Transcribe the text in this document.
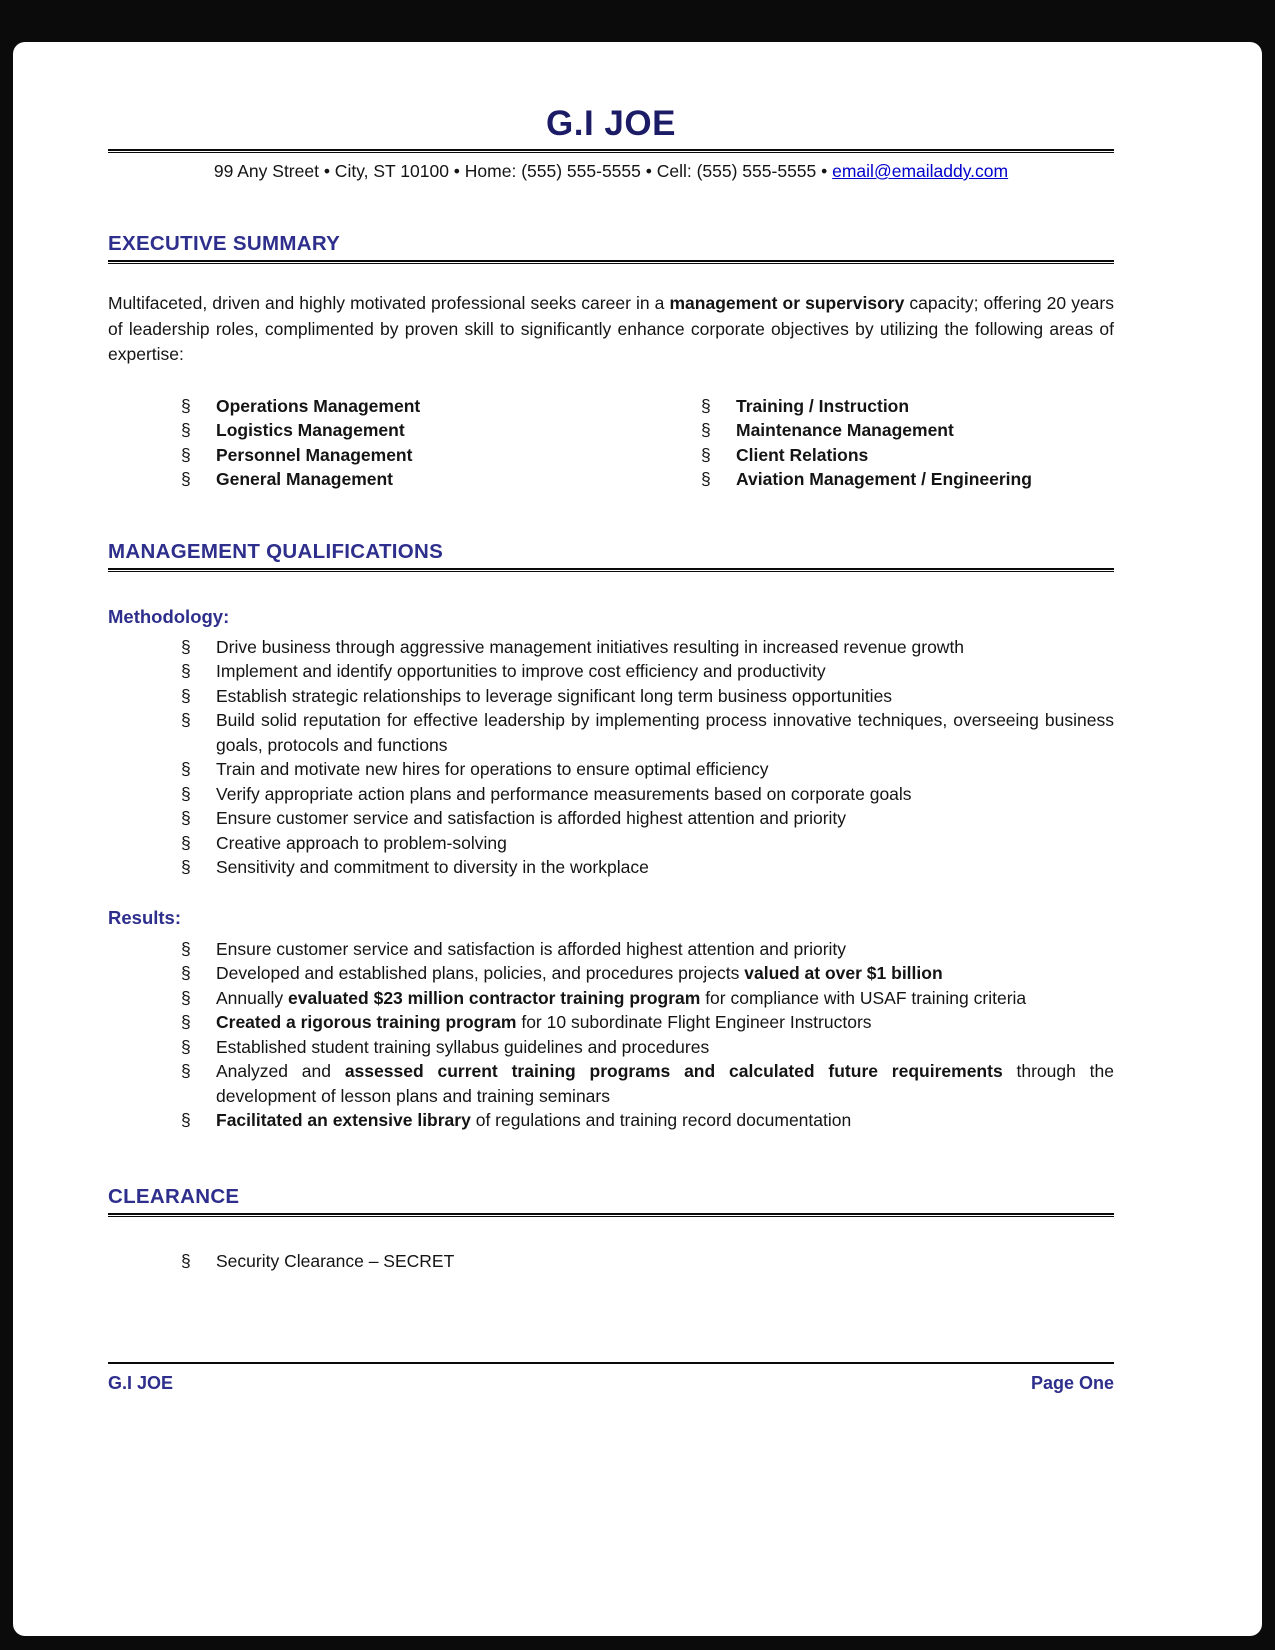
G.I JOE

99 Any Street • City, ST 10100 • Home: (555) 555-5555 • Cell: (555) 555-5555 • email@emailaddy.com

EXECUTIVE SUMMARY

Multifaceted, driven and highly motivated professional seeks career in a management or supervisory capacity; offering 20 years of leadership roles, complimented by proven skill to significantly enhance corporate objectives by utilizing the following areas of expertise:

§	Operations Management	§	Training / Instruction
§	Logistics Management	§	Maintenance Management
§	Personnel Management	§	Client Relations
§	General Management	§	Aviation Management / Engineering
MANAGEMENT QUALIFICATIONS
Methodology:
§	Drive business through aggressive management initiatives resulting in increased revenue growth
§	Implement and identify opportunities to improve cost efficiency and productivity
§	Establish strategic relationships to leverage significant long term business opportunities
§	Build solid reputation for effective leadership by implementing process innovative techniques, overseeing business goals, protocols and functions
§	Train and motivate new hires for operations to ensure optimal efficiency
§	Verify appropriate action plans and performance measurements based on corporate goals
§	Ensure customer service and satisfaction is afforded highest attention and priority
§	Creative approach to problem-solving
§	Sensitivity and commitment to diversity in the workplace
Results:
§	Ensure customer service and satisfaction is afforded highest attention and priority
§	Developed and established plans, policies, and procedures projects valued at over $1 billion
§	Annually evaluated $23 million contractor training program for compliance with USAF training criteria
§	Created a rigorous training program for 10 subordinate Flight Engineer Instructors
§	Established student training syllabus guidelines and procedures
§	Analyzed and assessed current training programs and calculated future requirements through the development of lesson plans and training seminars
§	Facilitated an extensive library of regulations and training record documentation
CLEARANCE
§	Security Clearance – SECRET
G.I JOE	Page One
